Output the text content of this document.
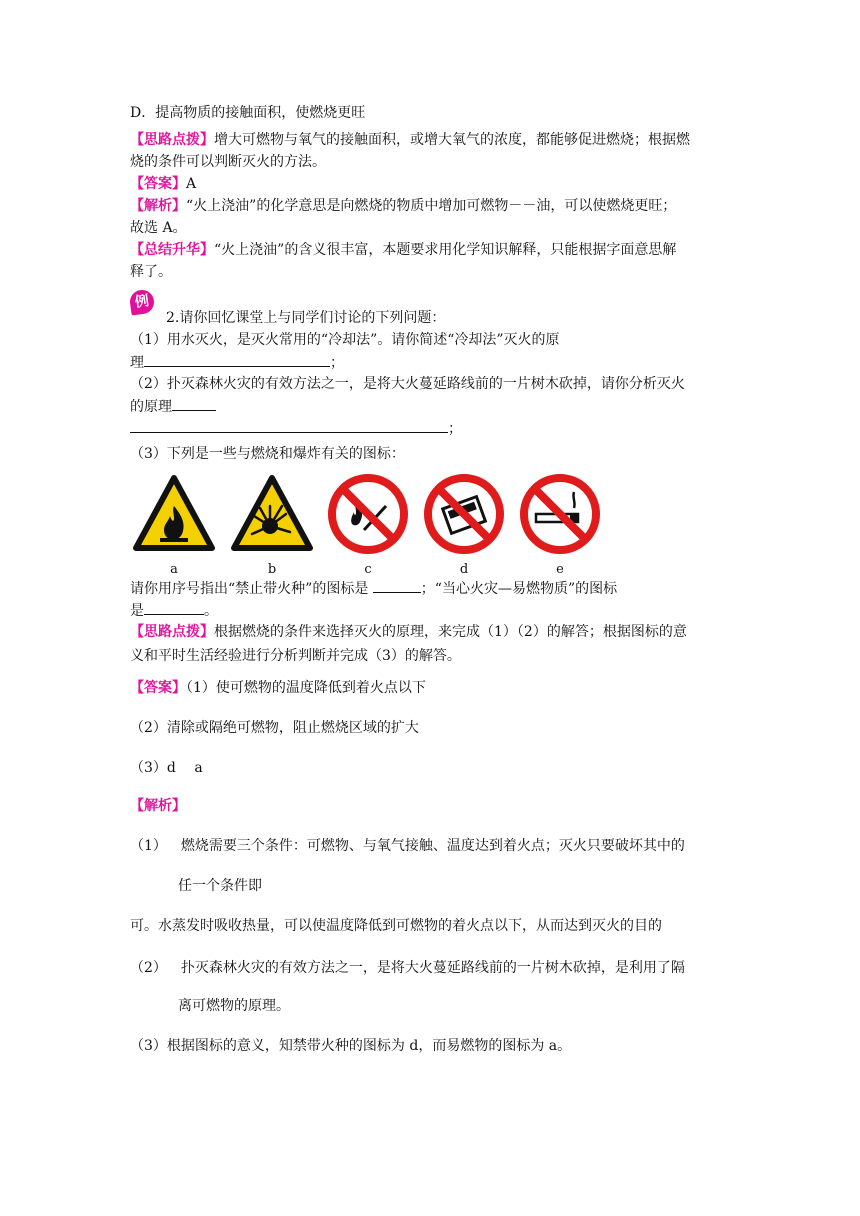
D．提高物质的接触面积，使燃烧更旺
【思路点拨】增大可燃物与氧气的接触面积，或增大氧气的浓度，都能够促进燃烧；根据燃
烧的条件可以判断灭火的方法。
【答案】A
【解析】“火上浇油”的化学意思是向燃烧的物质中增加可燃物－－油，可以使燃烧更旺；
故选 A。
【总结升华】“火上浇油”的含义很丰富，本题要求用化学知识解释，只能根据字面意思解
释了。
例
2.请你回忆课堂上与同学们讨论的下列问题：
（1）用水灭火，是灭火常用的“冷却法”。请你简述“冷却法”灭火的原
理	；
（2）扑灭森林火灾的有效方法之一，是将大火蔓延路线前的一片树木砍掉，请你分析灭火
的原理
；
（3）下列是一些与燃烧和爆炸有关的图标：
a	b	c	d	e
请你用序号指出“禁止带火种”的图标是	；“当心火灾—易燃物质”的图标
是	。
【思路点拨】根据燃烧的条件来选择灭火的原理，来完成（1）（2）的解答；根据图标的意
义和平时生活经验进行分析判断并完成（3）的解答。
【答案】（1）使可燃物的温度降低到着火点以下
（2）清除或隔绝可燃物，阻止燃烧区域的扩大
（3）d　 a
【解析】
（1） 燃烧需要三个条件：可燃物、与氧气接触、温度达到着火点；灭火只要破坏其中的
任一个条件即
可。水蒸发时吸收热量，可以使温度降低到可燃物的着火点以下，从而达到灭火的目的
（2） 扑灭森林火灾的有效方法之一，是将大火蔓延路线前的一片树木砍掉，是利用了隔
离可燃物的原理。
（3）根据图标的意义，知禁带火种的图标为 d，而易燃物的图标为 a。
